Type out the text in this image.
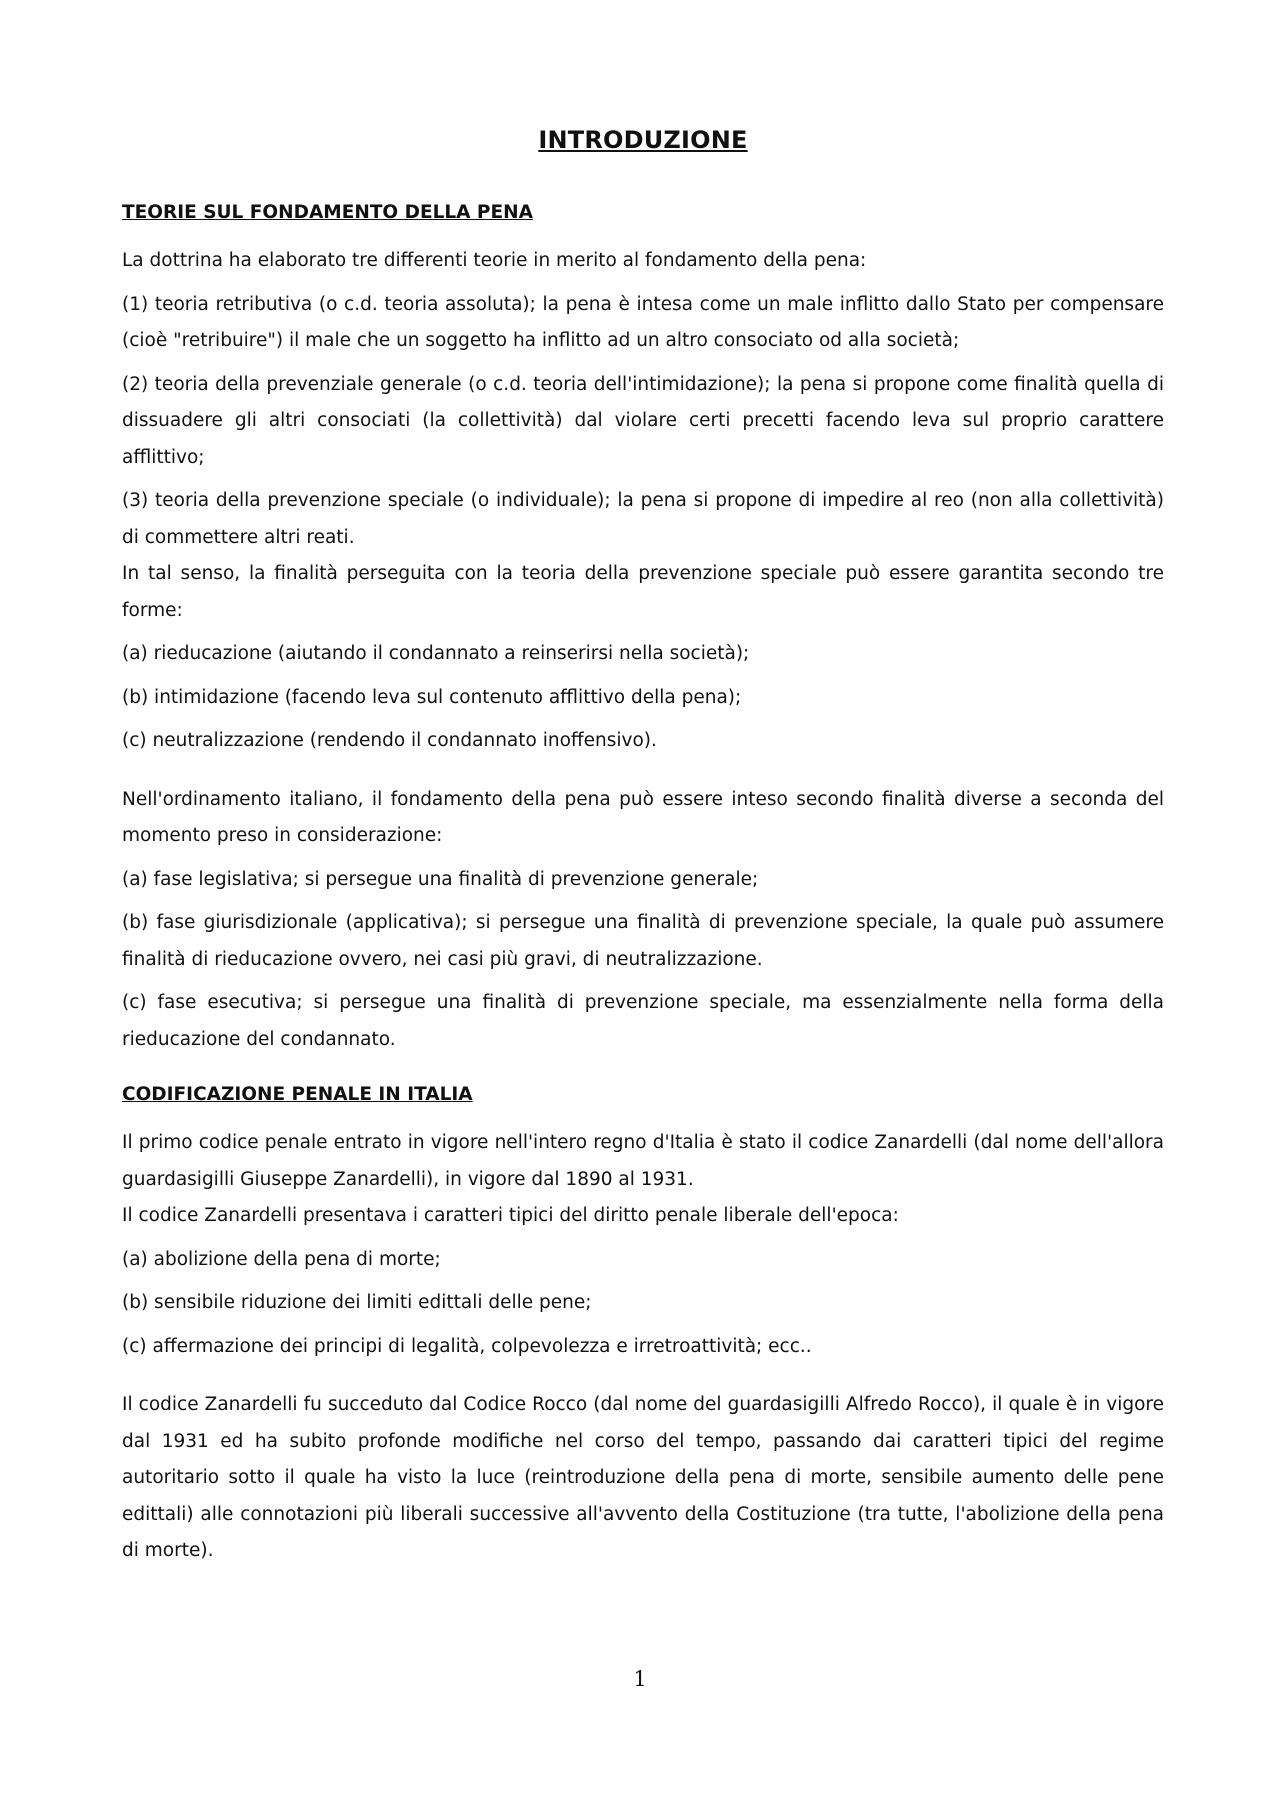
INTRODUZIONE
TEORIE SUL FONDAMENTO DELLA PENA

La dottrina ha elaborato tre differenti teorie in merito al fondamento della pena:

(1) teoria retributiva (o c.d. teoria assoluta); la pena è intesa come un male inflitto dallo Stato per compensare (cioè "retribuire") il male che un soggetto ha inflitto ad un altro consociato od alla società;

(2) teoria della prevenziale generale (o c.d. teoria dell'intimidazione); la pena si propone come finalità quella di dissuadere gli altri consociati (la collettività) dal violare certi precetti facendo leva sul proprio carattere afflittivo;

(3) teoria della prevenzione speciale (o individuale); la pena si propone di impedire al reo (non alla collettività) di commettere altri reati.

In tal senso, la finalità perseguita con la teoria della prevenzione speciale può essere garantita secondo tre forme:

(a) rieducazione (aiutando il condannato a reinserirsi nella società);

(b) intimidazione (facendo leva sul contenuto afflittivo della pena);

(c) neutralizzazione (rendendo il condannato inoffensivo).

Nell'ordinamento italiano, il fondamento della pena può essere inteso secondo finalità diverse a seconda del momento preso in considerazione:

(a) fase legislativa; si persegue una finalità di prevenzione generale;

(b) fase giurisdizionale (applicativa); si persegue una finalità di prevenzione speciale, la quale può assumere finalità di rieducazione ovvero, nei casi più gravi, di neutralizzazione.

(c) fase esecutiva; si persegue una finalità di prevenzione speciale, ma essenzialmente nella forma della rieducazione del condannato.

CODIFICAZIONE PENALE IN ITALIA

Il primo codice penale entrato in vigore nell'intero regno d'Italia è stato il codice Zanardelli (dal nome dell'allora guardasigilli Giuseppe Zanardelli), in vigore dal 1890 al 1931.

Il codice Zanardelli presentava i caratteri tipici del diritto penale liberale dell'epoca:

(a) abolizione della pena di morte;

(b) sensibile riduzione dei limiti edittali delle pene;

(c) affermazione dei principi di legalità, colpevolezza e irretroattività; ecc..

Il codice Zanardelli fu succeduto dal Codice Rocco (dal nome del guardasigilli Alfredo Rocco), il quale è in vigore dal 1931 ed ha subito profonde modifiche nel corso del tempo, passando dai caratteri tipici del regime autoritario sotto il quale ha visto la luce (reintroduzione della pena di morte, sensibile aumento delle pene edittali) alle connotazioni più liberali successive all'avvento della Costituzione (tra tutte, l'abolizione della pena di morte).

1
